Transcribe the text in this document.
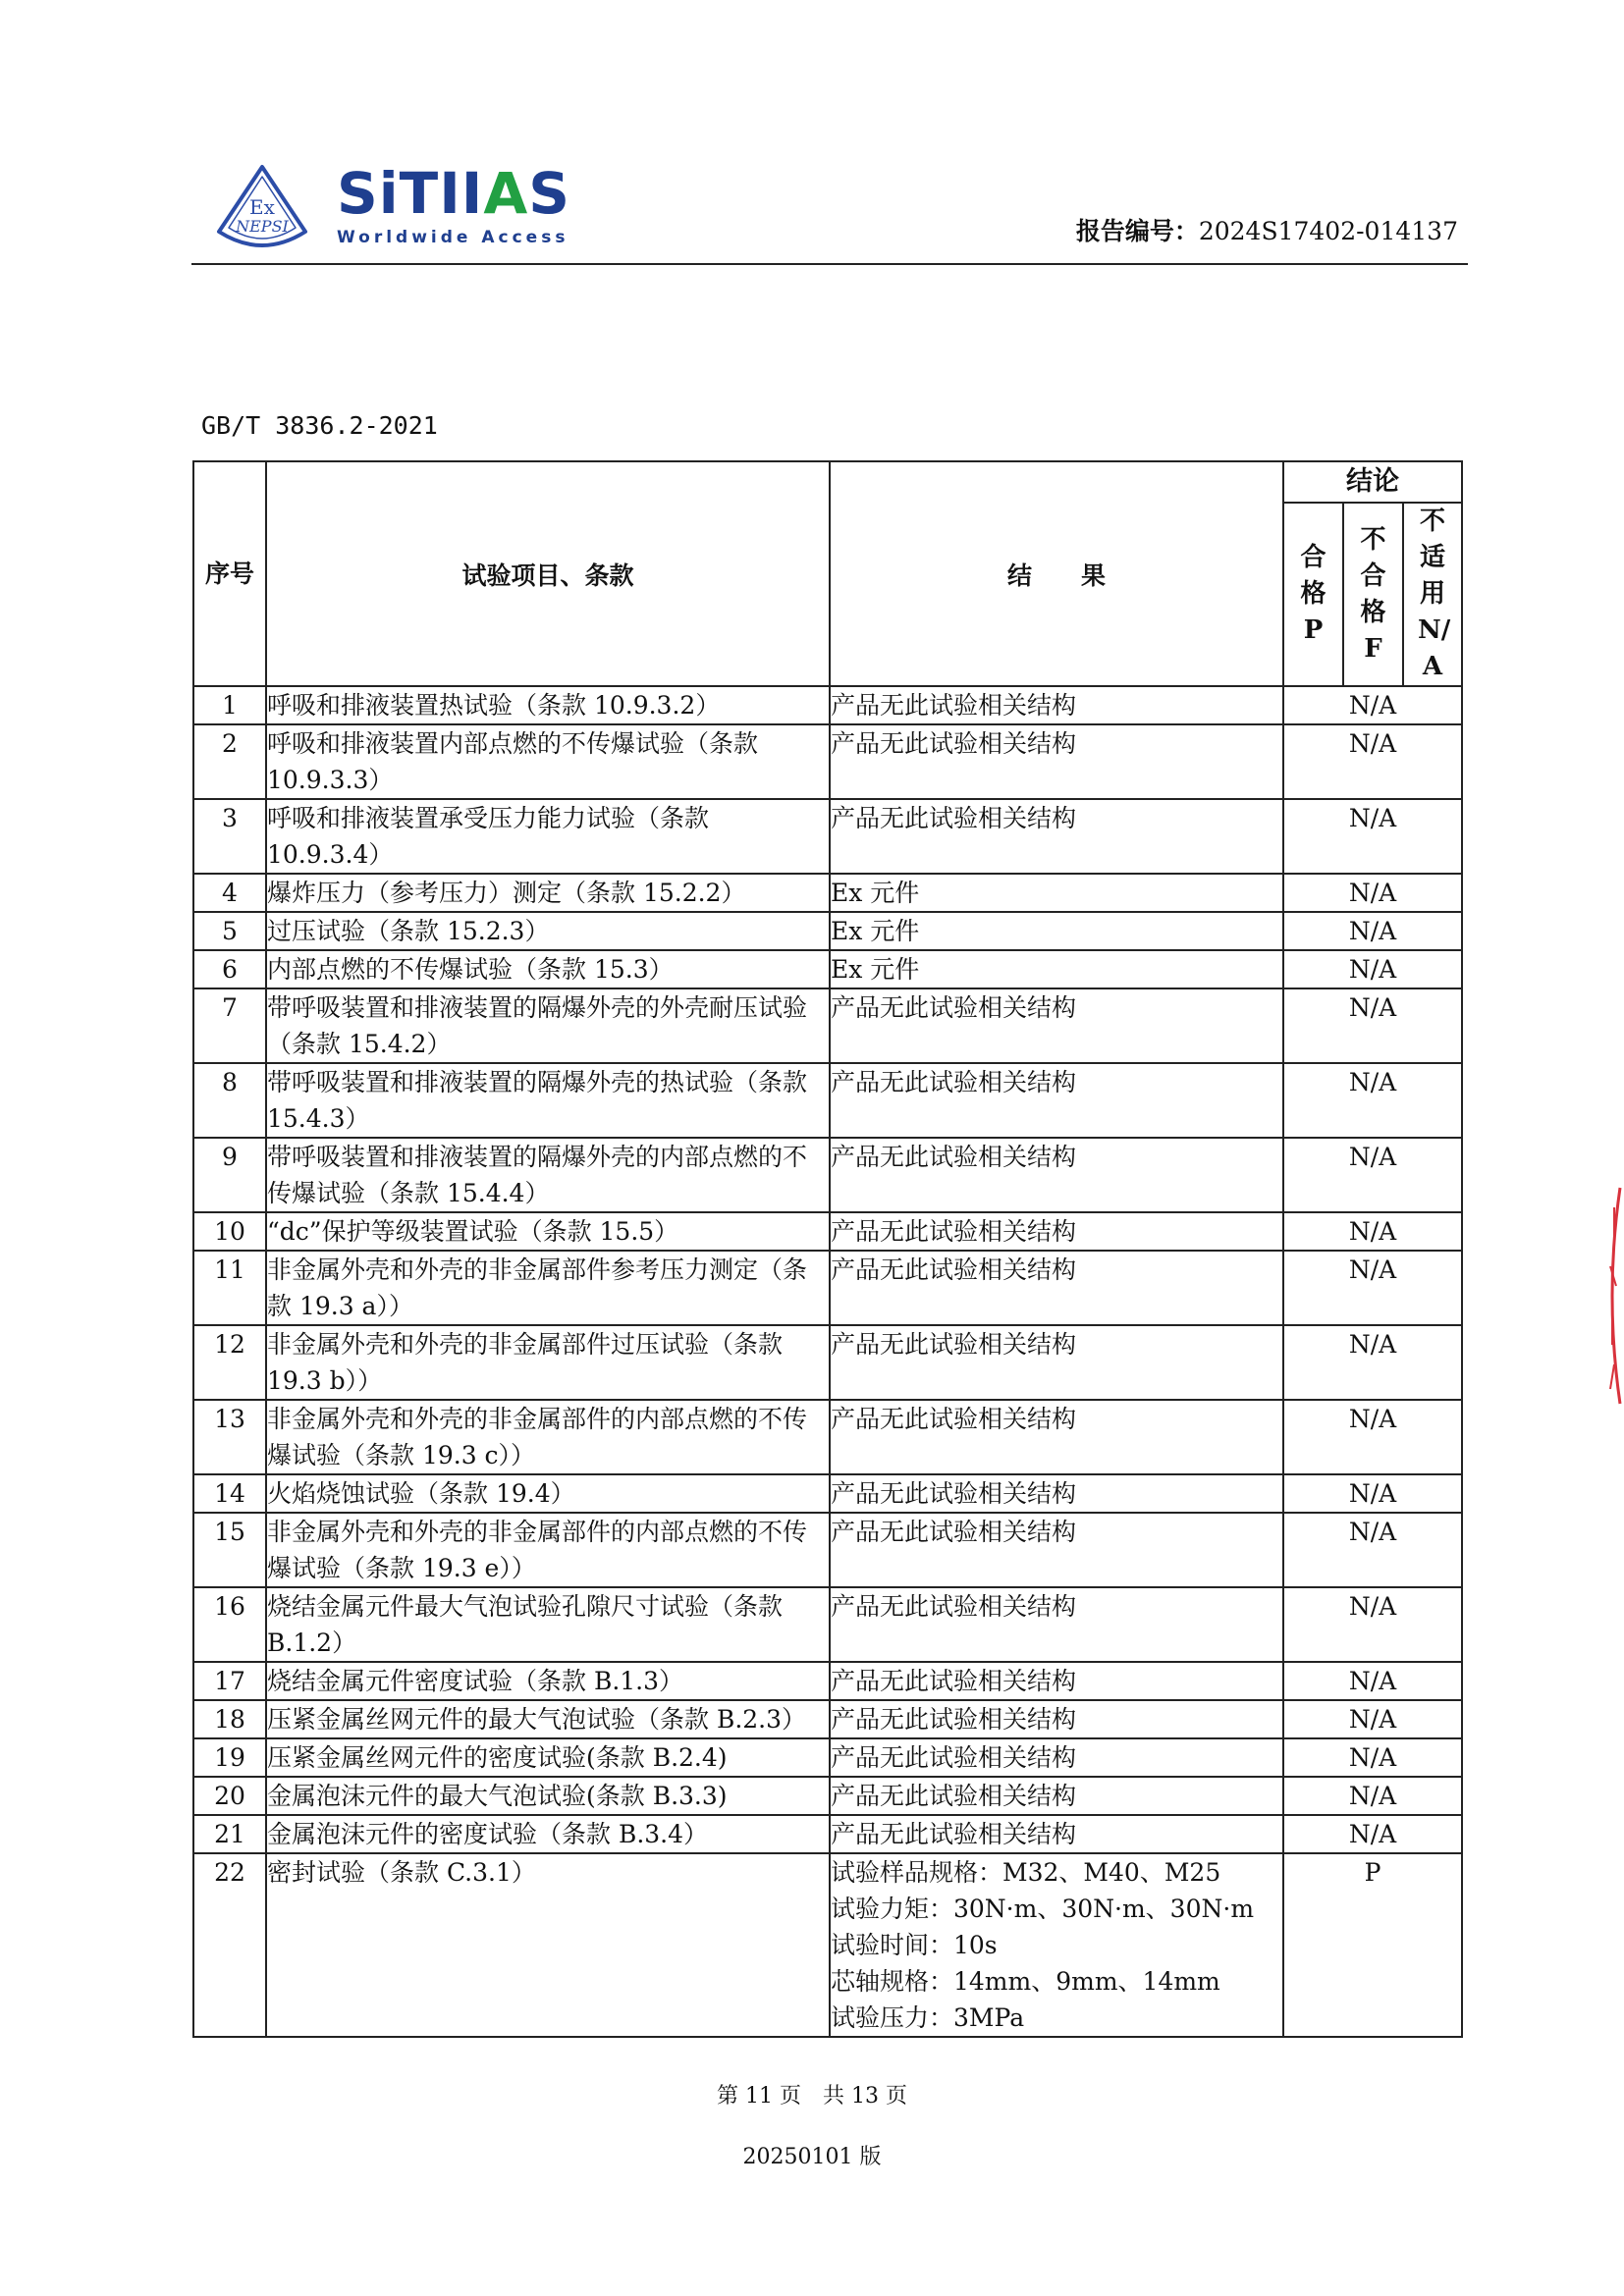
Ex
NEPSI SiTIIAS
Worldwide Access	报告编号：2024S17402-014137
GB/T 3836.2-2021
序号	试验项目、条款	结　　果	结论		
			合格P	不合格F	不适用N/A
1	呼吸和排液装置热试验（条款 10.9.3.2）	产品无此试验相关结构	N/A		
2	呼吸和排液装置内部点燃的不传爆试验（条款 10.9.3.3）	产品无此试验相关结构	N/A		
3	呼吸和排液装置承受压力能力试验（条款 10.9.3.4）	产品无此试验相关结构	N/A		
4	爆炸压力（参考压力）测定（条款 15.2.2）	Ex 元件	N/A		
5	过压试验（条款 15.2.3）	Ex 元件	N/A		
6	内部点燃的不传爆试验（条款 15.3）	Ex 元件	N/A		
7	带呼吸装置和排液装置的隔爆外壳的外壳耐压试验（条款 15.4.2）	产品无此试验相关结构	N/A		
8	带呼吸装置和排液装置的隔爆外壳的热试验（条款 15.4.3）	产品无此试验相关结构	N/A		
9	带呼吸装置和排液装置的隔爆外壳的内部点燃的不传爆试验（条款 15.4.4）	产品无此试验相关结构	N/A		
10	“dc”保护等级装置试验（条款 15.5）	产品无此试验相关结构	N/A		
11	非金属外壳和外壳的非金属部件参考压力测定（条款 19.3 a））	产品无此试验相关结构	N/A		
12	非金属外壳和外壳的非金属部件过压试验（条款 19.3 b））	产品无此试验相关结构	N/A		
13	非金属外壳和外壳的非金属部件的内部点燃的不传爆试验（条款 19.3 c））	产品无此试验相关结构	N/A		
14	火焰烧蚀试验（条款 19.4）	产品无此试验相关结构	N/A		
15	非金属外壳和外壳的非金属部件的内部点燃的不传爆试验（条款 19.3 e））	产品无此试验相关结构	N/A		
16	烧结金属元件最大气泡试验孔隙尺寸试验（条款 B.1.2）	产品无此试验相关结构	N/A		
17	烧结金属元件密度试验（条款 B.1.3）	产品无此试验相关结构	N/A		
18	压紧金属丝网元件的最大气泡试验（条款 B.2.3）	产品无此试验相关结构	N/A		
19	压紧金属丝网元件的密度试验(条款 B.2.4)	产品无此试验相关结构	N/A		
20	金属泡沫元件的最大气泡试验(条款 B.3.3)	产品无此试验相关结构	N/A		
21	金属泡沫元件的密度试验（条款 B.3.4）	产品无此试验相关结构	N/A		
22	密封试验（条款 C.3.1）	试验样品规格：M32、M40、M25
试验力矩：30N·m、30N·m、30N·m
试验时间：10s
芯轴规格：14mm、9mm、14mm
试验压力：3MPa	P		
第 11 页　共 13 页
20250101 版
